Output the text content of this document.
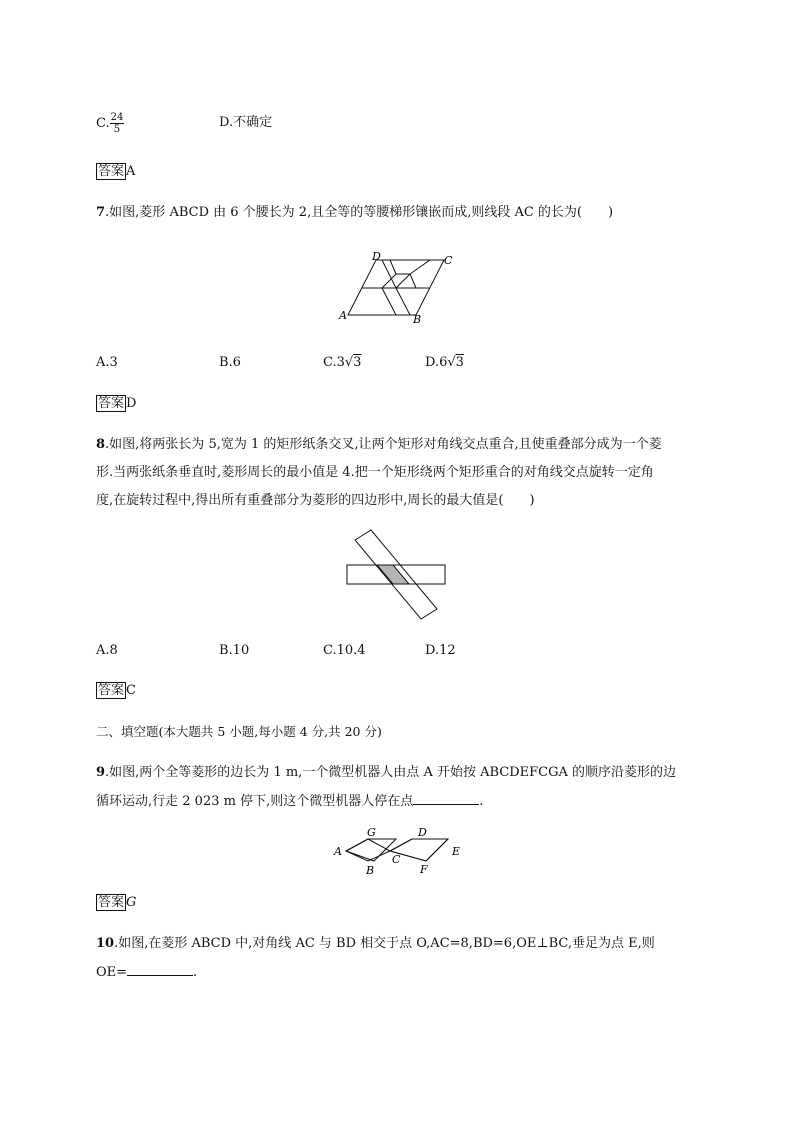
C. $\frac{24}{5}$	D.不确定
答案 A
7.如图,菱形 ABCD 由 6 个腰长为 2,且全等的等腰梯形镶嵌而成,则线段 AC 的长为(　　)
A	B
C
D
A.3	B.6	C.3√3	D.6√3
答案 D
8.如图,将两张长为 5,宽为 1 的矩形纸条交叉,让两个矩形对角线交点重合,且使重叠部分成为一个菱
形.当两张纸条垂直时,菱形周长的最小值是 4.把一个矩形绕两个矩形重合的对角线交点旋转一定角
度,在旋转过程中,得出所有重叠部分为菱形的四边形中,周长的最大值是(　　)
A.8	B.10	C.10.4	D.12
答案 C
二、填空题(本大题共 5 小题,每小题 4 分,共 20 分)
9.如图,两个全等菱形的边长为 1 m,一个微型机器人由点 A 开始按 ABCDEFCGA 的顺序沿菱形的边
循环运动,行走 2 023 m 停下,则这个微型机器人停在点	.
A
B
C
D
E
F
G
答案 G
10.如图,在菱形 ABCD 中,对角线 AC 与 BD 相交于点 O,AC=8,BD=6,OE⊥BC,垂足为点 E,则
OE=	.
